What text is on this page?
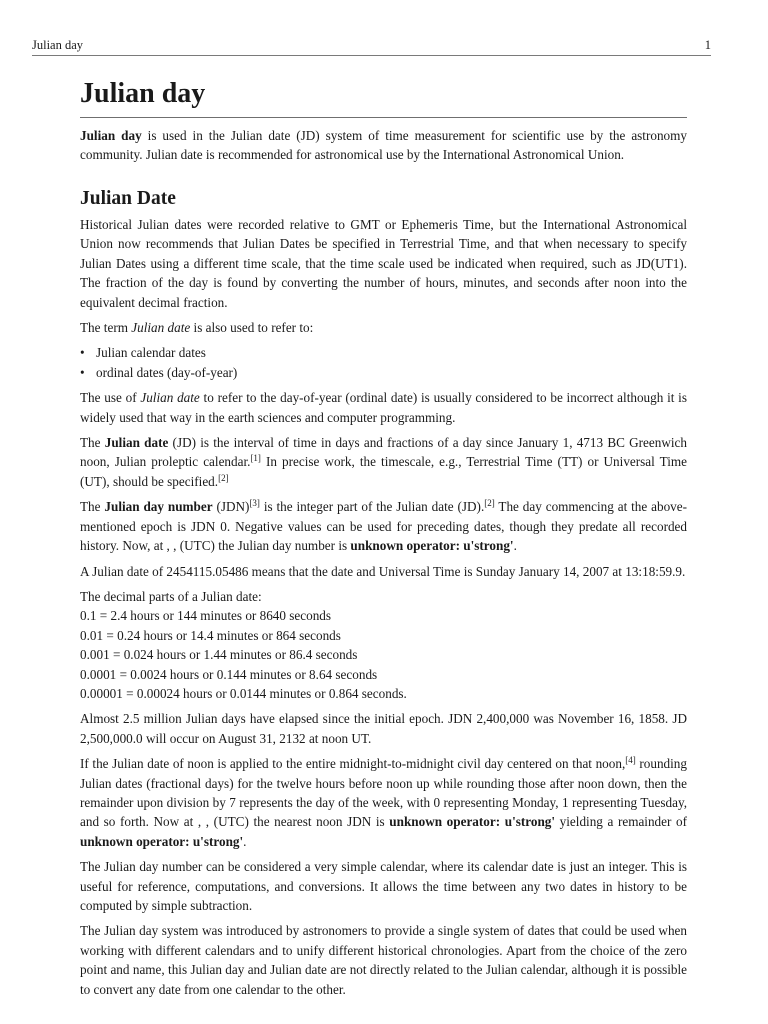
Julian day	1
Julian day

Julian day is used in the Julian date (JD) system of time measurement for scientific use by the astronomy community. Julian date is recommended for astronomical use by the International Astronomical Union.

Julian Date

Historical Julian dates were recorded relative to GMT or Ephemeris Time, but the International Astronomical Union now recommends that Julian Dates be specified in Terrestrial Time, and that when necessary to specify Julian Dates using a different time scale, that the time scale used be indicated when required, such as JD(UT1). The fraction of the day is found by converting the number of hours, minutes, and seconds after noon into the equivalent decimal fraction.

The term Julian date is also used to refer to:

• Julian calendar dates
• ordinal dates (day-of-year)

The use of Julian date to refer to the day-of-year (ordinal date) is usually considered to be incorrect although it is widely used that way in the earth sciences and computer programming.

The Julian date (JD) is the interval of time in days and fractions of a day since January 1, 4713 BC Greenwich noon, Julian proleptic calendar.[1] In precise work, the timescale, e.g., Terrestrial Time (TT) or Universal Time (UT), should be specified.[2]

The Julian day number (JDN)[3] is the integer part of the Julian date (JD).[2] The day commencing at the above-mentioned epoch is JDN 0. Negative values can be used for preceding dates, though they predate all recorded history. Now, at , , (UTC) the Julian day number is unknown operator: u'strong'.

A Julian date of 2454115.05486 means that the date and Universal Time is Sunday January 14, 2007 at 13:18:59.9.

The decimal parts of a Julian date:

0.1 = 2.4 hours or 144 minutes or 8640 seconds

0.01 = 0.24 hours or 14.4 minutes or 864 seconds

0.001 = 0.024 hours or 1.44 minutes or 86.4 seconds

0.0001 = 0.0024 hours or 0.144 minutes or 8.64 seconds

0.00001 = 0.00024 hours or 0.0144 minutes or 0.864 seconds.

Almost 2.5 million Julian days have elapsed since the initial epoch. JDN 2,400,000 was November 16, 1858. JD 2,500,000.0 will occur on August 31, 2132 at noon UT.

If the Julian date of noon is applied to the entire midnight-to-midnight civil day centered on that noon,[4] rounding Julian dates (fractional days) for the twelve hours before noon up while rounding those after noon down, then the remainder upon division by 7 represents the day of the week, with 0 representing Monday, 1 representing Tuesday, and so forth. Now at , , (UTC) the nearest noon JDN is unknown operator: u'strong' yielding a remainder of unknown operator: u'strong'.

The Julian day number can be considered a very simple calendar, where its calendar date is just an integer. This is useful for reference, computations, and conversions. It allows the time between any two dates in history to be computed by simple subtraction.

The Julian day system was introduced by astronomers to provide a single system of dates that could be used when working with different calendars and to unify different historical chronologies. Apart from the choice of the zero point and name, this Julian day and Julian date are not directly related to the Julian calendar, although it is possible to convert any date from one calendar to the other.
